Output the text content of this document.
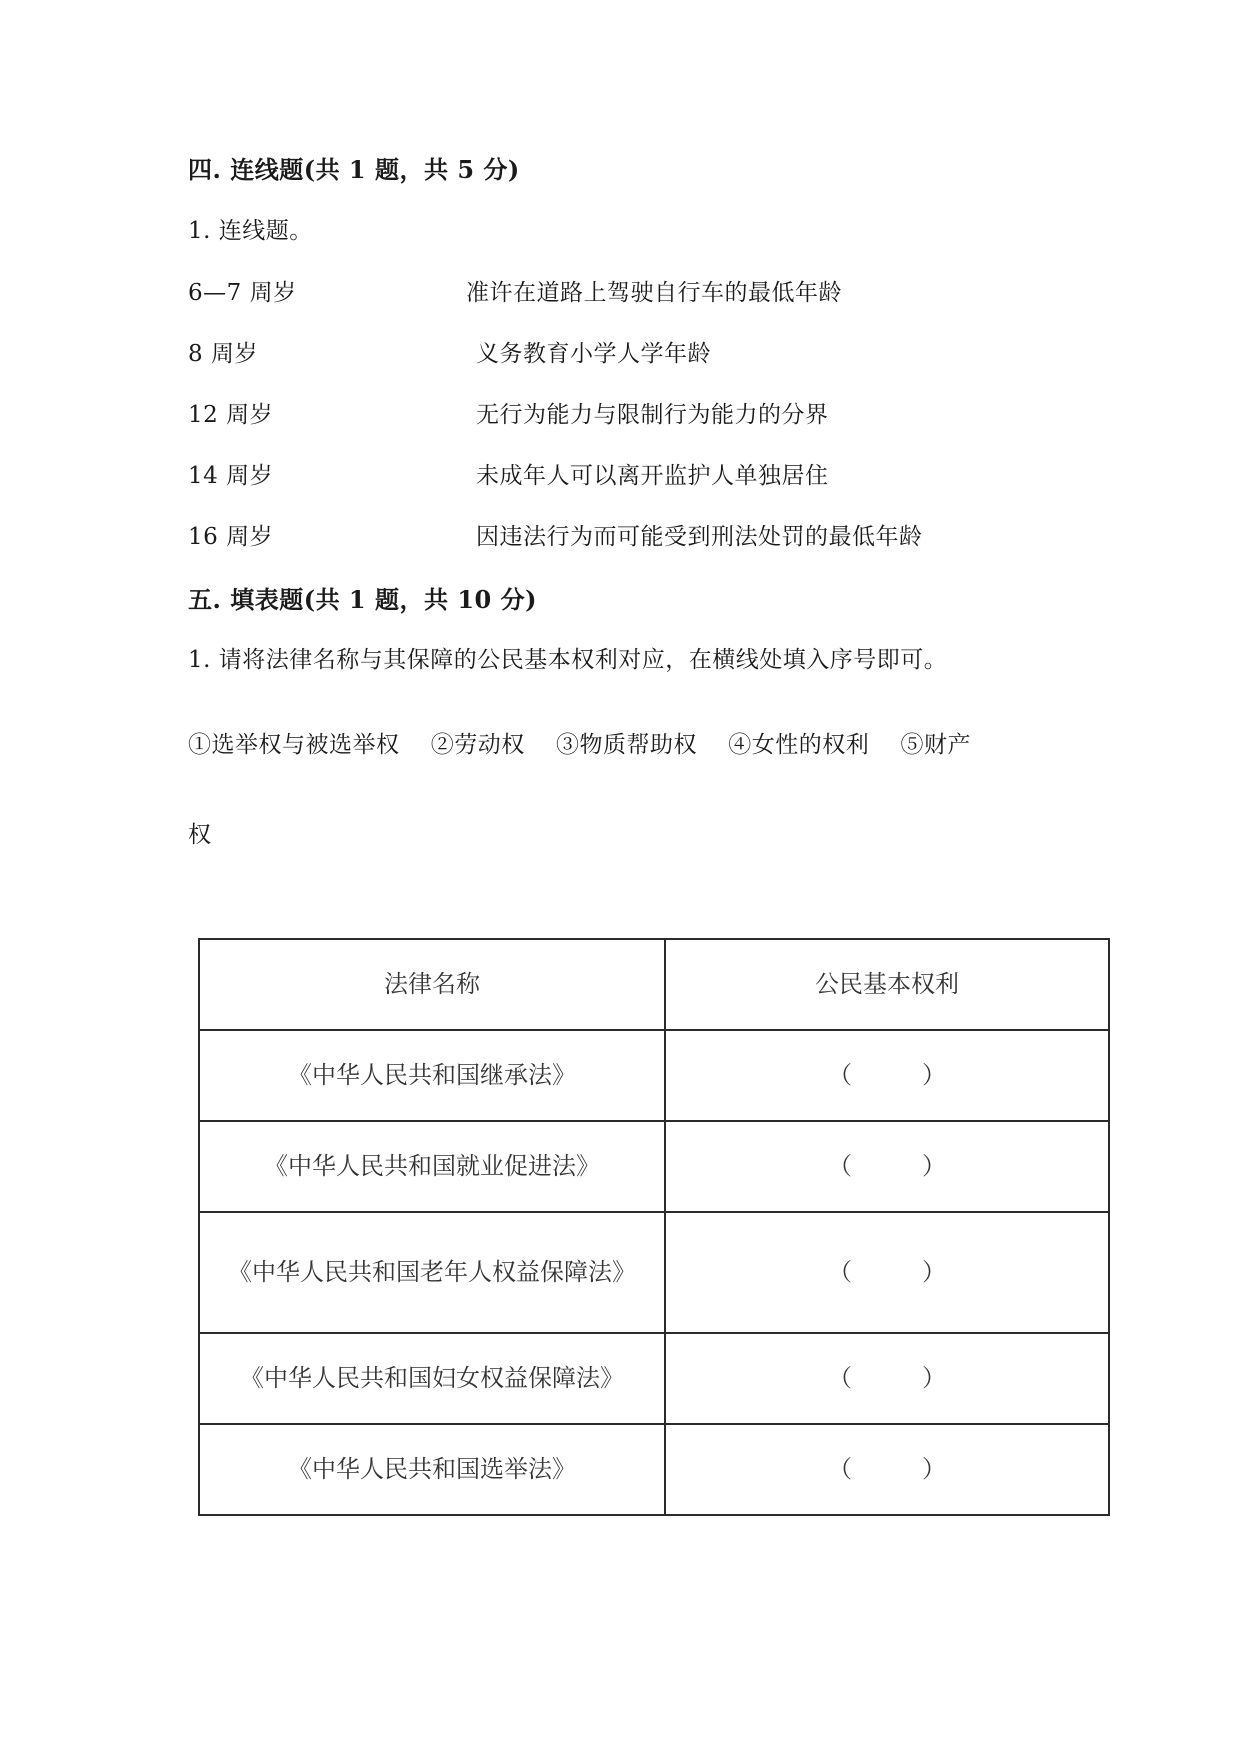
四. 连线题(共 1 题，共 5 分)
1. 连线题。
6—7 周岁	准许在道路上驾驶自行车的最低年龄
8 周岁	义务教育小学人学年龄
12 周岁	无行为能力与限制行为能力的分界
14 周岁	未成年人可以离开监护人单独居住
16 周岁	因违法行为而可能受到刑法处罚的最低年龄
五. 填表题(共 1 题，共 10 分)
1. 请将法律名称与其保障的公民基本权利对应，在横线处填入序号即可。
①选举权与被选举权    ②劳动权    ③物质帮助权    ④女性的权利    ⑤财产
权
法律名称	公民基本权利
《中华人民共和国继承法》	（ ）
《中华人民共和国就业促进法》	（ ）
《中华人民共和国老年人权益保障法》	（ ）
《中华人民共和国妇女权益保障法》	（ ）
《中华人民共和国选举法》	（ ）
